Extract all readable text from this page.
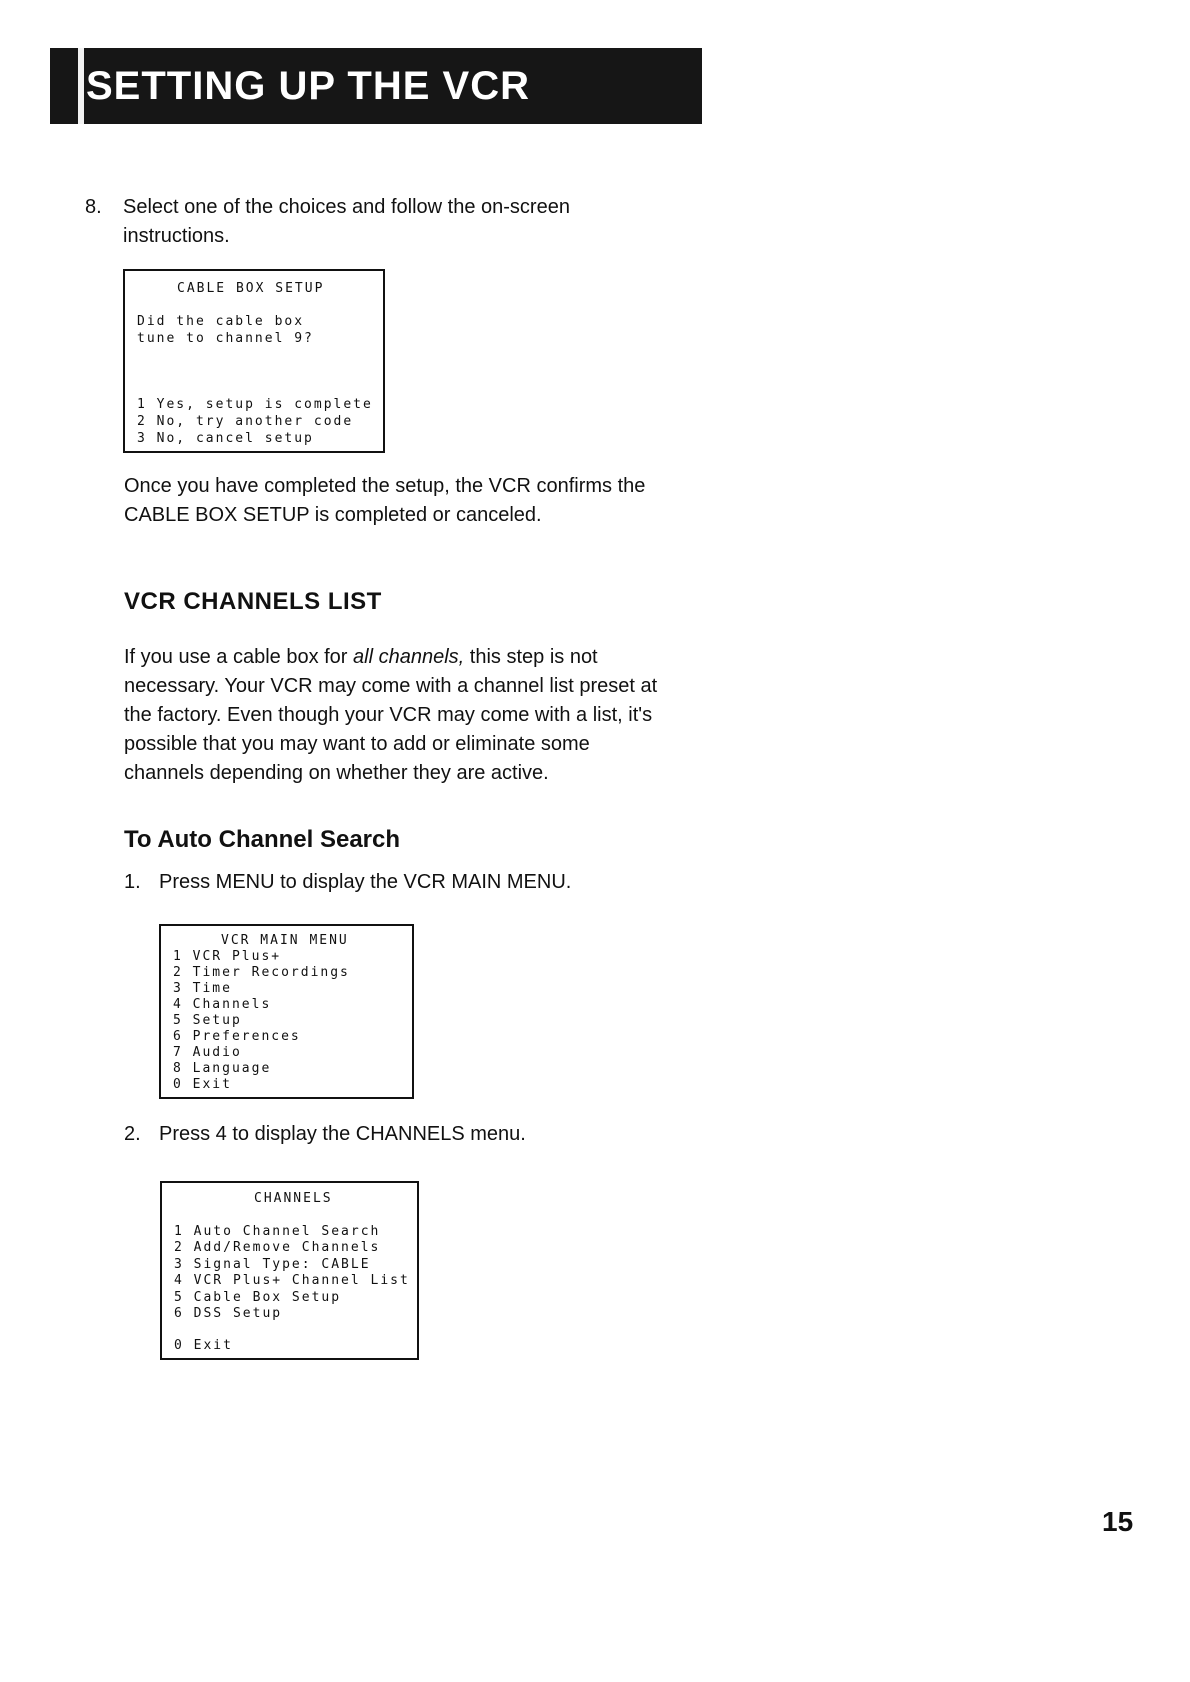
SETTING UP THE VCR
8. Select one of the choices and follow the on-screen
instructions.

CABLE BOX SETUP

Did the cable box

tune to channel 9?

1 Yes, setup is complete

2 No, try another code

3 No, cancel setup

Once you have completed the setup, the VCR confirms the
CABLE BOX SETUP is completed or canceled.
VCR CHANNELS LIST
If you use a cable box for all channels, this step is not
necessary. Your VCR may come with a channel list preset at
the factory. Even though your VCR may come with a list, it's
possible that you may want to add or eliminate some
channels depending on whether they are active.
To Auto Channel Search
1. Press MENU to display the VCR MAIN MENU.

VCR MAIN MENU

1 VCR Plus+

2 Timer Recordings

3 Time

4 Channels

5 Setup

6 Preferences

7 Audio

8 Language

0 Exit

2. Press 4 to display the CHANNELS menu.

CHANNELS

1 Auto Channel Search

2 Add/Remove Channels

3 Signal Type: CABLE

4 VCR Plus+ Channel List

5 Cable Box Setup

6 DSS Setup

0 Exit

15
